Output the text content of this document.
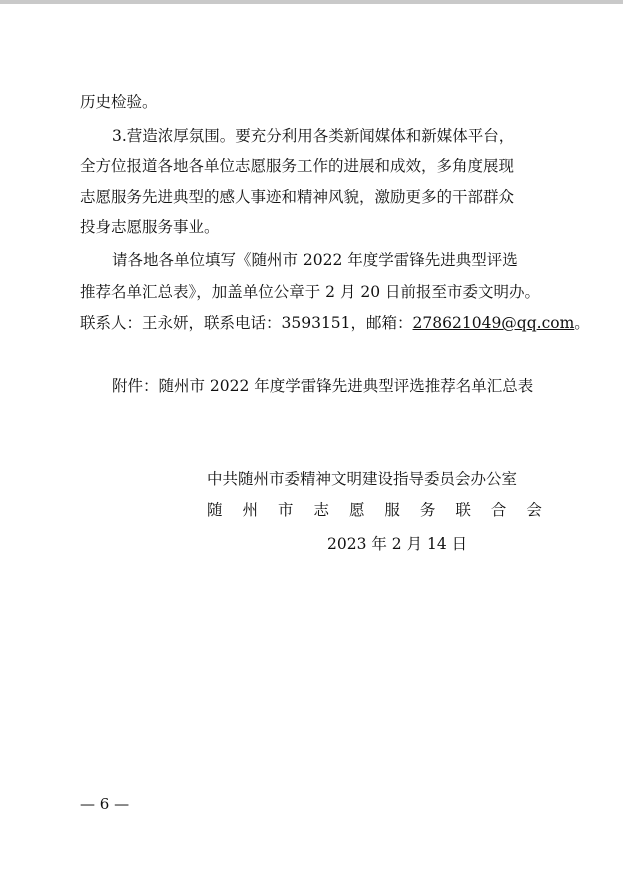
历史检验。
3.营造浓厚氛围。要充分利用各类新闻媒体和新媒体平台，
全方位报道各地各单位志愿服务工作的进展和成效，多角度展现
志愿服务先进典型的感人事迹和精神风貌，激励更多的干部群众
投身志愿服务事业。
请各地各单位填写《随州市 2022 年度学雷锋先进典型评选
推荐名单汇总表》，加盖单位公章于 2 月 20 日前报至市委文明办。
联系人：王永妍，联系电话：3593151，邮箱：278621049@qq.com。
附件：随州市 2022 年度学雷锋先进典型评选推荐名单汇总表
中共随州市委精神文明建设指导委员会办公室
随 州 市 志 愿 服 务 联 合 会
2023 年 2 月 14 日
— 6 —
